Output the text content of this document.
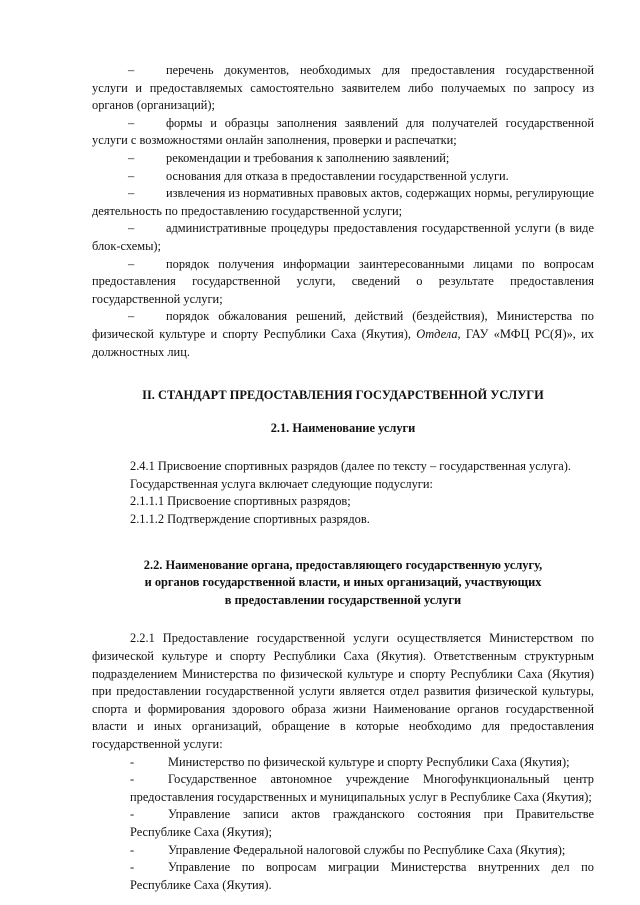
–	перечень документов, необходимых для предоставления государственной услуги и предоставляемых самостоятельно заявителем либо получаемых по запросу из органов (организаций);

–	формы и образцы заполнения заявлений для получателей государственной услуги с возможностями онлайн заполнения, проверки и распечатки;

–	рекомендации и требования к заполнению заявлений;

–	основания для отказа в предоставлении государственной услуги.

–	извлечения из нормативных правовых актов, содержащих нормы, регулирующие деятельность по предоставлению государственной услуги;

–	административные процедуры предоставления государственной услуги (в виде блок-схемы);

–	порядок получения информации заинтересованными лицами по вопросам предоставления государственной услуги, сведений о результате предоставления государственной услуги;

–	порядок обжалования решений, действий (бездействия), Министерства по физической культуре и спорту Республики Саха (Якутия), Отдела, ГАУ «МФЦ РС(Я)», их должностных лиц.

II. СТАНДАРТ ПРЕДОСТАВЛЕНИЯ ГОСУДАРСТВЕННОЙ УСЛУГИ
2.1. Наименование услуги

2.4.1 Присвоение спортивных разрядов (далее по тексту – государственная услуга).

Государственная услуга включает следующие подуслуги:

2.1.1.1 Присвоение спортивных разрядов;

2.1.1.2 Подтверждение спортивных разрядов.

2.2. Наименование органа, предоставляющего государственную услугу, и органов государственной власти, и иных организаций, участвующих в предоставлении государственной услуги

2.2.1 Предоставление государственной услуги осуществляется Министерством по физической культуре и спорту Республики Саха (Якутия). Ответственным структурным подразделением Министерства по физической культуре и спорту Республики Саха (Якутия) при предоставлении государственной услуги является отдел развития физической культуры, спорта и формирования здорового образа жизни Наименование органов государственной власти и иных организаций, обращение в которые необходимо для предоставления государственной услуги:

-	Министерство по физической культуре и спорту Республики Саха (Якутия);

-	Государственное автономное учреждение Многофункциональный центр предоставления государственных и муниципальных услуг в Республике Саха (Якутия);

-	Управление записи актов гражданского состояния при Правительстве Республике Саха (Якутия);

-	Управление Федеральной налоговой службы по Республике Саха (Якутия);

-	Управление по вопросам миграции Министерства внутренних дел по Республике Саха (Якутия).
